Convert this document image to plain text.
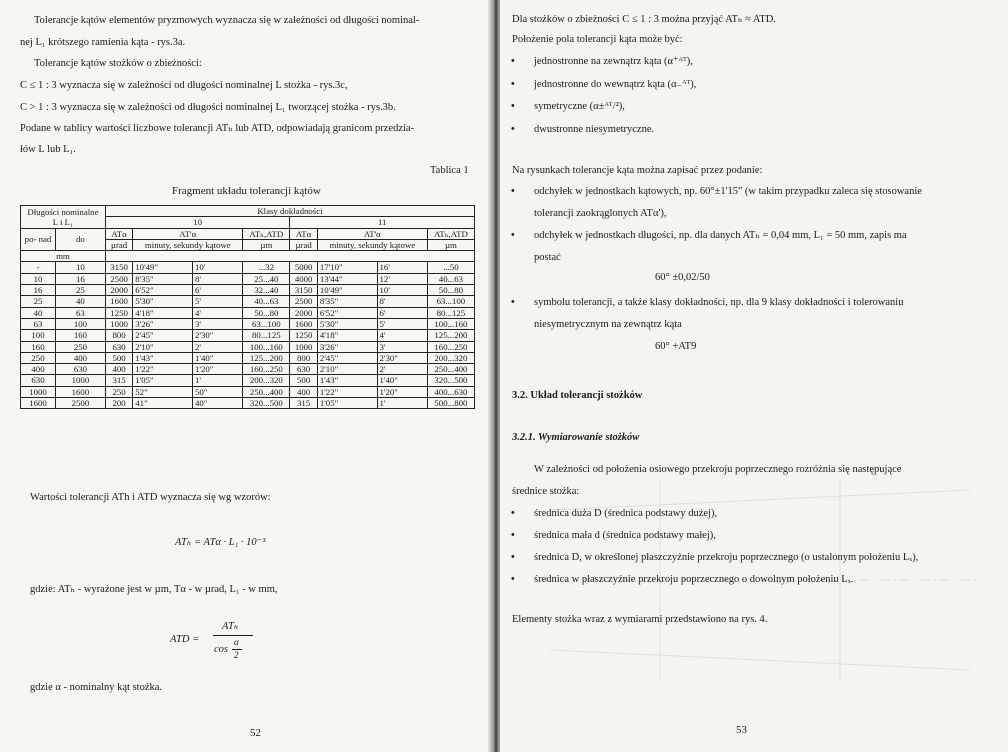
Tolerancje kątów elementów pryzmowych wyznacza się w zależności od długości nominal-
nej L₁ krótszego ramienia kąta - rys.3a.
Tolerancje kątów stożków o zbieżności:
C ≤ 1 : 3 wyznacza się w zależności od długości nominalnej L stożka - rys.3c,
C > 1 : 3 wyznacza się w zależności od długości nominalnej L₁ tworzącej stożka - rys.3b.
Podane w tablicy wartości liczbowe tolerancji ATₕ lub ATD, odpowiadają granicom przedzia-
łów L lub L₁.
Tablica 1
Fragment układu tolerancji kątów
Długości nominalne
L i L₁		Klasy dokładności							
		10				11			
po- nad	do	ATα	AT'α		ATₕ,ATD	ATα	AT'α		ATₕ,ATD
		µrad	minuty, sekundy kątowe		µm	µrad	minuty, sekundy kątowe		µm
mm									
-	10	3150	10'49"	10'	...32	5000	17'10"	16'	...50
10	16	2500	8'35"	8'	25...40	4000	13'44"	12'	40...63
16	25	2000	6'52"	6'	32...40	3150	10'49"	10'	50...80
25	40	1600	5'30"	5'	40...63	2500	8'35"	8'	63...100
40	63	1250	4'18"	4'	50...80	2000	6'52"	6'	80...125
63	100	1000	3'26"	3'	63...100	1600	5'30"	5'	100...160
100	160	800	2'45"	2'30"	80...125	1250	4'18"	4'	125...200
160	250	630	2'10"	2'	100...160	1000	3'26"	3'	160...250
250	400	500	1'43"	1'40"	125...200	800	2'45"	2'30"	200...320
400	630	400	1'22"	1'20"	160...250	630	2'10"	2'	250...400
630	1000	315	1'05"	1'	200...320	500	1'43"	1'40"	320...500
1000	1600	250	52"	50"	250...400	400	1'22"	1'20"	400...630
1600	2500	200	41"	40"	320...500	315	1'05"	1'	500...800
Wartości tolerancji ATh i ATD wyznacza się wg wzorów:
ATₕ = ATα · L₁ · 10⁻³
gdzie: ATₕ - wyrażone jest w µm, Tα - w µrad, L₁ - w mm,
ATD =
ATₕ
cos
α
2
gdzie α - nominalny kąt stożka.
52
Dla stożków o zbieżności C ≤ 1 : 3 można przyjąć ATₕ ≈ ATD.
Położenie pola tolerancji kąta może być:
• jednostronne na zewnątrz kąta (α⁺ᴬᵀ),
• jednostronne do wewnątrz kąta (α₋ᴬᵀ),
• symetryczne (α±ᴬᵀ/²),
• dwustronne niesymetryczne.
Na rysunkach tolerancje kąta można zapisać przez podanie:
• odchyłek w jednostkach kątowych, np. 60°±1'15" (w takim przypadku zaleca się stosowanie
tolerancji zaokrąglonych ATα'),
• odchyłek w jednostkach długości, np. dla danych ATₕ = 0,04 mm, L₁ = 50 mm, zapis ma
postać
60° ±0,02/50
• symbolu tolerancji, a także klasy dokładności, np. dla 9 klasy dokładności i tolerowaniu
niesymetrycznym na zewnątrz kąta
60° +AT9
3.2. Układ tolerancji stożków
3.2.1. Wymiarowanie stożków
W zależności od położenia osiowego przekroju poprzecznego rozróżnia się następujące
średnice stożka:
• średnica duża D (średnica podstawy dużej),
• średnica mała d (średnica podstawy małej),
• średnica D, w określonej płaszczyźnie przekroju poprzecznego (o ustalonym położeniu Lₓ),
• średnica w płaszczyźnie przekroju poprzecznego o dowolnym położeniu Lₓ.
Elementy stożka wraz z wymiarami przedstawiono na rys. 4.
53
